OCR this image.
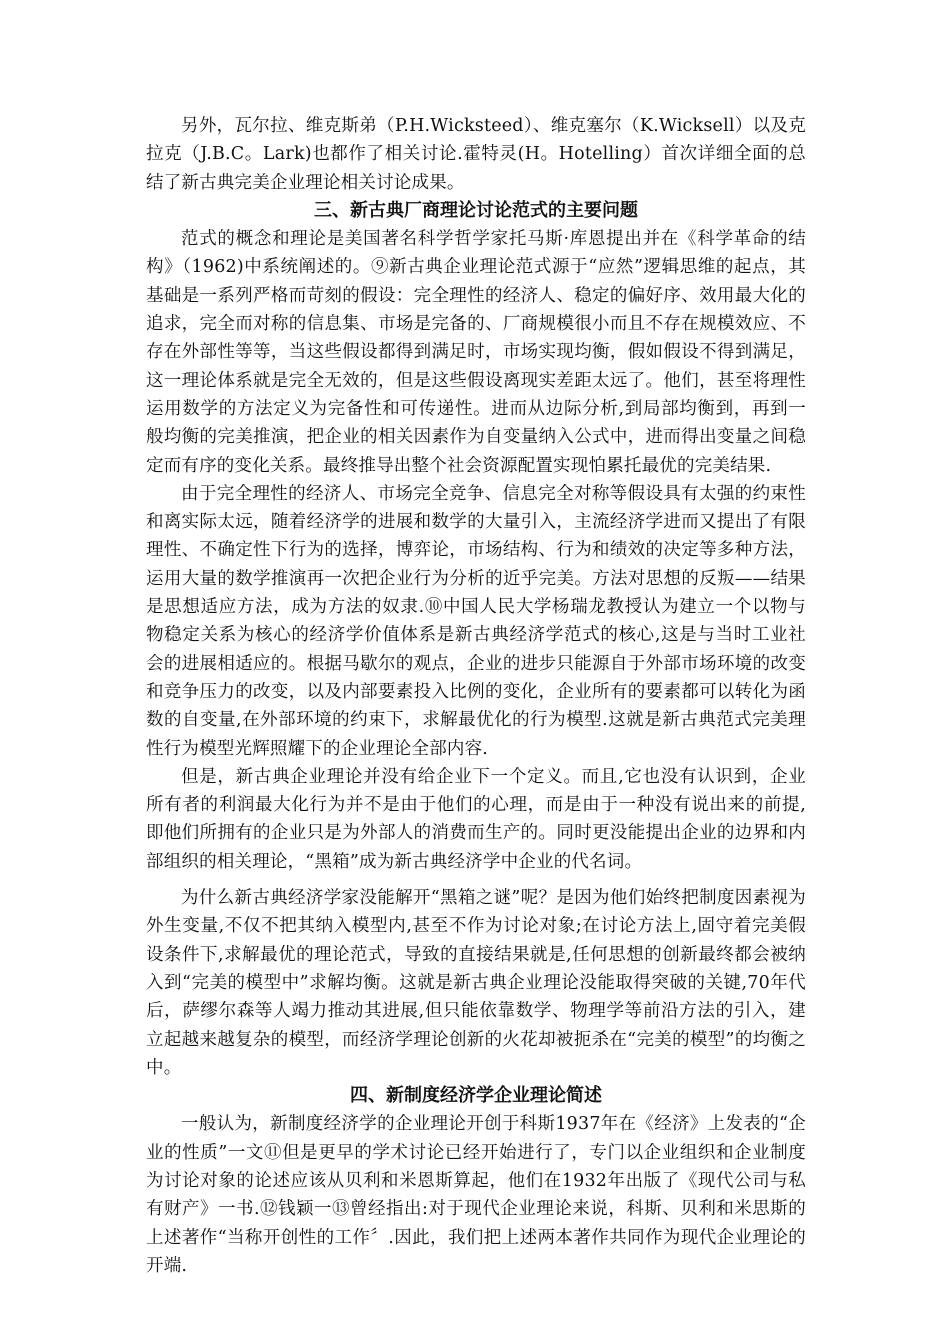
另外，瓦尔拉、维克斯弟（P.H.Wicksteed）、维克塞尔（K.Wicksell）以及克拉克（J.B.C。Lark)也都作了相关讨论.霍特灵(H。Hotelling）首次详细全面的总结了新古典完美企业理论相关讨论成果。

三、新古典厂商理论讨论范式的主要问题

范式的概念和理论是美国著名科学哲学家托马斯·库恩提出并在《科学革命的结构》（1962)中系统阐述的。⑨新古典企业理论范式源于“应然”逻辑思维的起点，其基础是一系列严格而苛刻的假设：完全理性的经济人、稳定的偏好序、效用最大化的追求，完全而对称的信息集、市场是完备的、厂商规模很小而且不存在规模效应、不存在外部性等等，当这些假设都得到满足时，市场实现均衡，假如假设不得到满足，这一理论体系就是完全无效的，但是这些假设离现实差距太远了。他们，甚至将理性运用数学的方法定义为完备性和可传递性。进而从边际分析,到局部均衡到，再到一般均衡的完美推演，把企业的相关因素作为自变量纳入公式中，进而得出变量之间稳定而有序的变化关系。最终推导出整个社会资源配置实现怕累托最优的完美结果.

由于完全理性的经济人、市场完全竞争、信息完全对称等假设具有太强的约束性和离实际太远，随着经济学的进展和数学的大量引入，主流经济学进而又提出了有限理性、不确定性下行为的选择，博弈论，市场结构、行为和绩效的决定等多种方法，运用大量的数学推演再一次把企业行为分析的近乎完美。方法对思想的反叛——结果是思想适应方法，成为方法的奴隶.⑩中国人民大学杨瑞龙教授认为建立一个以物与物稳定关系为核心的经济学价值体系是新古典经济学范式的核心,这是与当时工业社会的进展相适应的。根据马歇尔的观点，企业的进步只能源自于外部市场环境的改变和竞争压力的改变，以及内部要素投入比例的变化，企业所有的要素都可以转化为函数的自变量,在外部环境的约束下，求解最优化的行为模型.这就是新古典范式完美理性行为模型光辉照耀下的企业理论全部内容.

但是，新古典企业理论并没有给企业下一个定义。而且,它也没有认识到，企业所有者的利润最大化行为并不是由于他们的心理，而是由于一种没有说出来的前提,即他们所拥有的企业只是为外部人的消费而生产的。同时更没能提出企业的边界和内部组织的相关理论，“黑箱”成为新古典经济学中企业的代名词。

为什么新古典经济学家没能解开“黑箱之谜”呢？是因为他们始终把制度因素视为外生变量,不仅不把其纳入模型内,甚至不作为讨论对象;在讨论方法上,固守着完美假设条件下,求解最优的理论范式，导致的直接结果就是,任何思想的创新最终都会被纳入到“完美的模型中”求解均衡。这就是新古典企业理论没能取得突破的关键,70年代后，萨缪尔森等人竭力推动其进展,但只能依靠数学、物理学等前沿方法的引入，建立起越来越复杂的模型，而经济学理论创新的火花却被扼杀在“完美的模型”的均衡之中。

四、新制度经济学企业理论简述

一般认为，新制度经济学的企业理论开创于科斯1937年在《经济》上发表的“企业的性质”一文⑪但是更早的学术讨论已经开始进行了，专门以企业组织和企业制度为讨论对象的论述应该从贝利和米恩斯算起，他们在1932年出版了《现代公司与私有财产》一书.⑫钱颖一⑬曾经指出:对于现代企业理论来说，科斯、贝利和米思斯的上述著作“当称开创性的工作〞.因此，我们把上述两本著作共同作为现代企业理论的开端.
